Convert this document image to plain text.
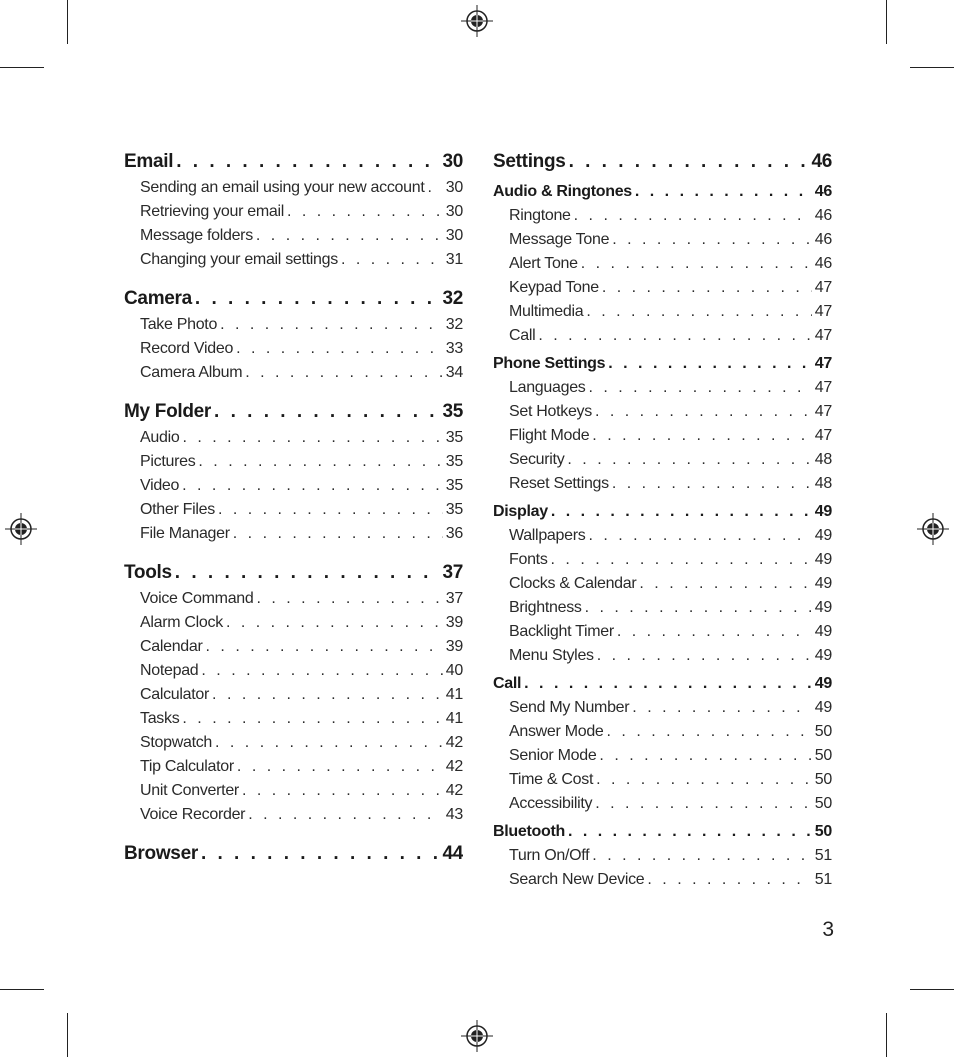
Email . . .	30
Sending an email using your new account . . . 30
Retrieving your email . . .	30
Message folders . . .	30
Changing your email settings . . .	31
Camera . . .	32
Take Photo . . .	32
Record Video . . .	33
Camera Album . . .	34
My Folder . . .	35
Audio . . .	35
Pictures . . .	35
Video . . .	35
Other Files . . .	35
File Manager . . .	36
Tools . . .	37
Voice Command . . .	37
Alarm Clock . . .	39
Calendar . . .	39
Notepad . . .	40
Calculator . . .	41
Tasks . . .	41
Stopwatch . . .	42
Tip Calculator . . .	42
Unit Converter . . .	42
Voice Recorder . . .	43
Browser . . .	44
Settings . . .	46
Audio & Ringtones . . .	46
Ringtone . . .	46
Message Tone . . .	46
Alert Tone . . .	46
Keypad Tone . . .	47
Multimedia . . .	47
Call . . .	47
Phone Settings . . .	47
Languages . . .	47
Set Hotkeys . . .	47
Flight Mode . . .	47
Security . . .	48
Reset Settings . . .	48
Display . . .	49
Wallpapers . . .	49
Fonts . . .	49
Clocks & Calendar . . .	49
Brightness . . .	49
Backlight Timer . . .	49
Menu Styles . . .	49
Call . . .	49
Send My Number . . .	49
Answer Mode . . .	50
Senior Mode . . .	50
Time & Cost . . .	50
Accessibility . . .	50
Bluetooth . . .	50
Turn On/Off . . .	51
Search New Device . . .	51
3
